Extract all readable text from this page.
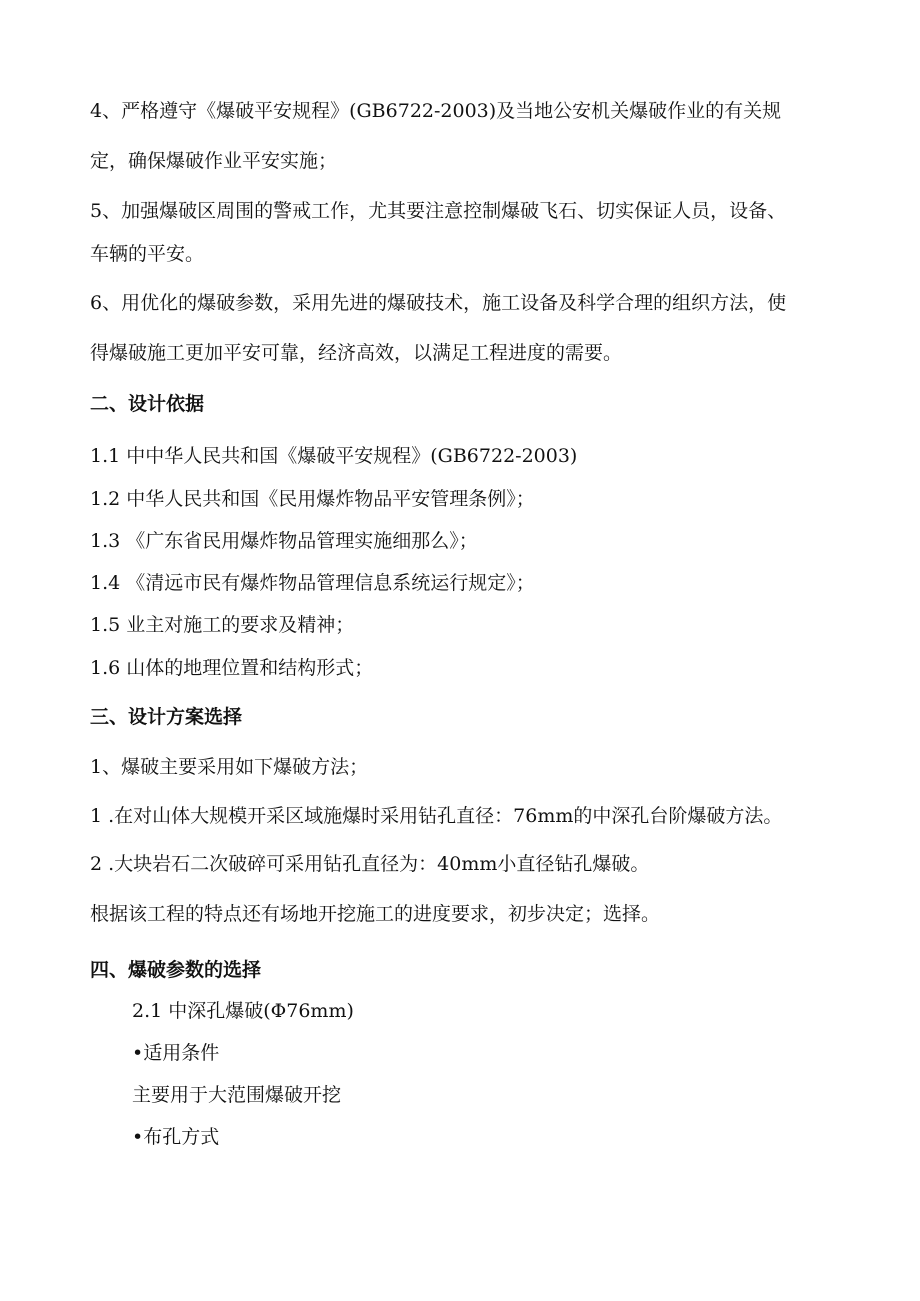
4、严格遵守《爆破平安规程》(GB6722-2003)及当地公安机关爆破作业的有关规

定，确保爆破作业平安实施；

5、加强爆破区周围的警戒工作，尤其要注意控制爆破飞石、切实保证人员，设备、

车辆的平安。

6、用优化的爆破参数，采用先进的爆破技术，施工设备及科学合理的组织方法，使

得爆破施工更加平安可靠，经济高效，以满足工程进度的需要。

二、设计依据

1.1 中中华人民共和国《爆破平安规程》(GB6722-2003)

1.2 中华人民共和国《民用爆炸物品平安管理条例》；

1.3 《广东省民用爆炸物品管理实施细那么》；

1.4 《清远市民有爆炸物品管理信息系统运行规定》；

1.5 业主对施工的要求及精神；

1.6 山体的地理位置和结构形式；

三、设计方案选择

1、爆破主要采用如下爆破方法；

1 .在对山体大规模开采区域施爆时采用钻孔直径：76mm的中深孔台阶爆破方法。

2 .大块岩石二次破碎可采用钻孔直径为：40mm小直径钻孔爆破。

根据该工程的特点还有场地开挖施工的进度要求，初步决定；选择。

四、爆破参数的选择

2.1 中深孔爆破(Φ76mm)

•适用条件

主要用于大范围爆破开挖

•布孔方式
